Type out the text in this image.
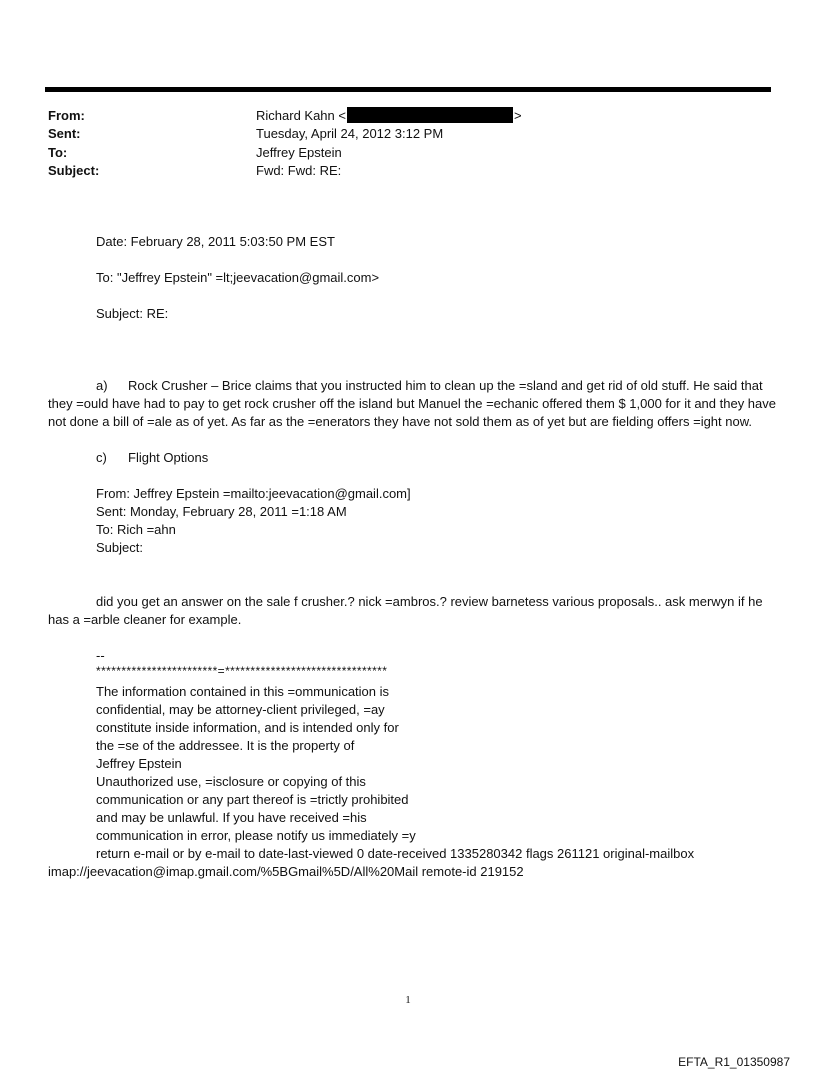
From:	Richard Kahn <	>
Sent:	Tuesday, April 24, 2012 3:12 PM
To:	Jeffrey Epstein
Subject:	Fwd: Fwd: RE:
Date: February 28, 2011 5:03:50 PM EST
To: "Jeffrey Epstein" =lt;jeevacation@gmail.com>
Subject: RE:
a) Rock Crusher – Brice claims that you instructed him to clean up the =sland and get rid of old stuff. He said that they =ould have had to pay to get rock crusher off the island but Manuel the =echanic offered them $ 1,000 for it and they have not done a bill of =ale as of yet. As far as the =enerators they have not sold them as of yet but are fielding offers =ight now.
c) Flight Options
From: Jeffrey Epstein =mailto:jeevacation@gmail.com]
Sent: Monday, February 28, 2011 =1:18 AM
To: Rich =ahn
Subject:
did you get an answer on the sale f crusher.? nick =ambros.? review barnetess various proposals.. ask merwyn if he has a =arble cleaner for example.
--
************************=********************************
The information contained in this =ommunication is
confidential, may be attorney-client privileged, =ay
constitute inside information, and is intended only for
the =se of the addressee. It is the property of
Jeffrey Epstein
Unauthorized use, =isclosure or copying of this
communication or any part thereof is =trictly prohibited
and may be unlawful. If you have received =his
communication in error, please notify us immediately =y
return e-mail or by e-mail to date-last-viewed 0 date-received 1335280342 flags 261121 original-mailbox imap://jeevacation@imap.gmail.com/%5BGmail%5D/All%20Mail remote-id 219152
1
EFTA_R1_01350987
